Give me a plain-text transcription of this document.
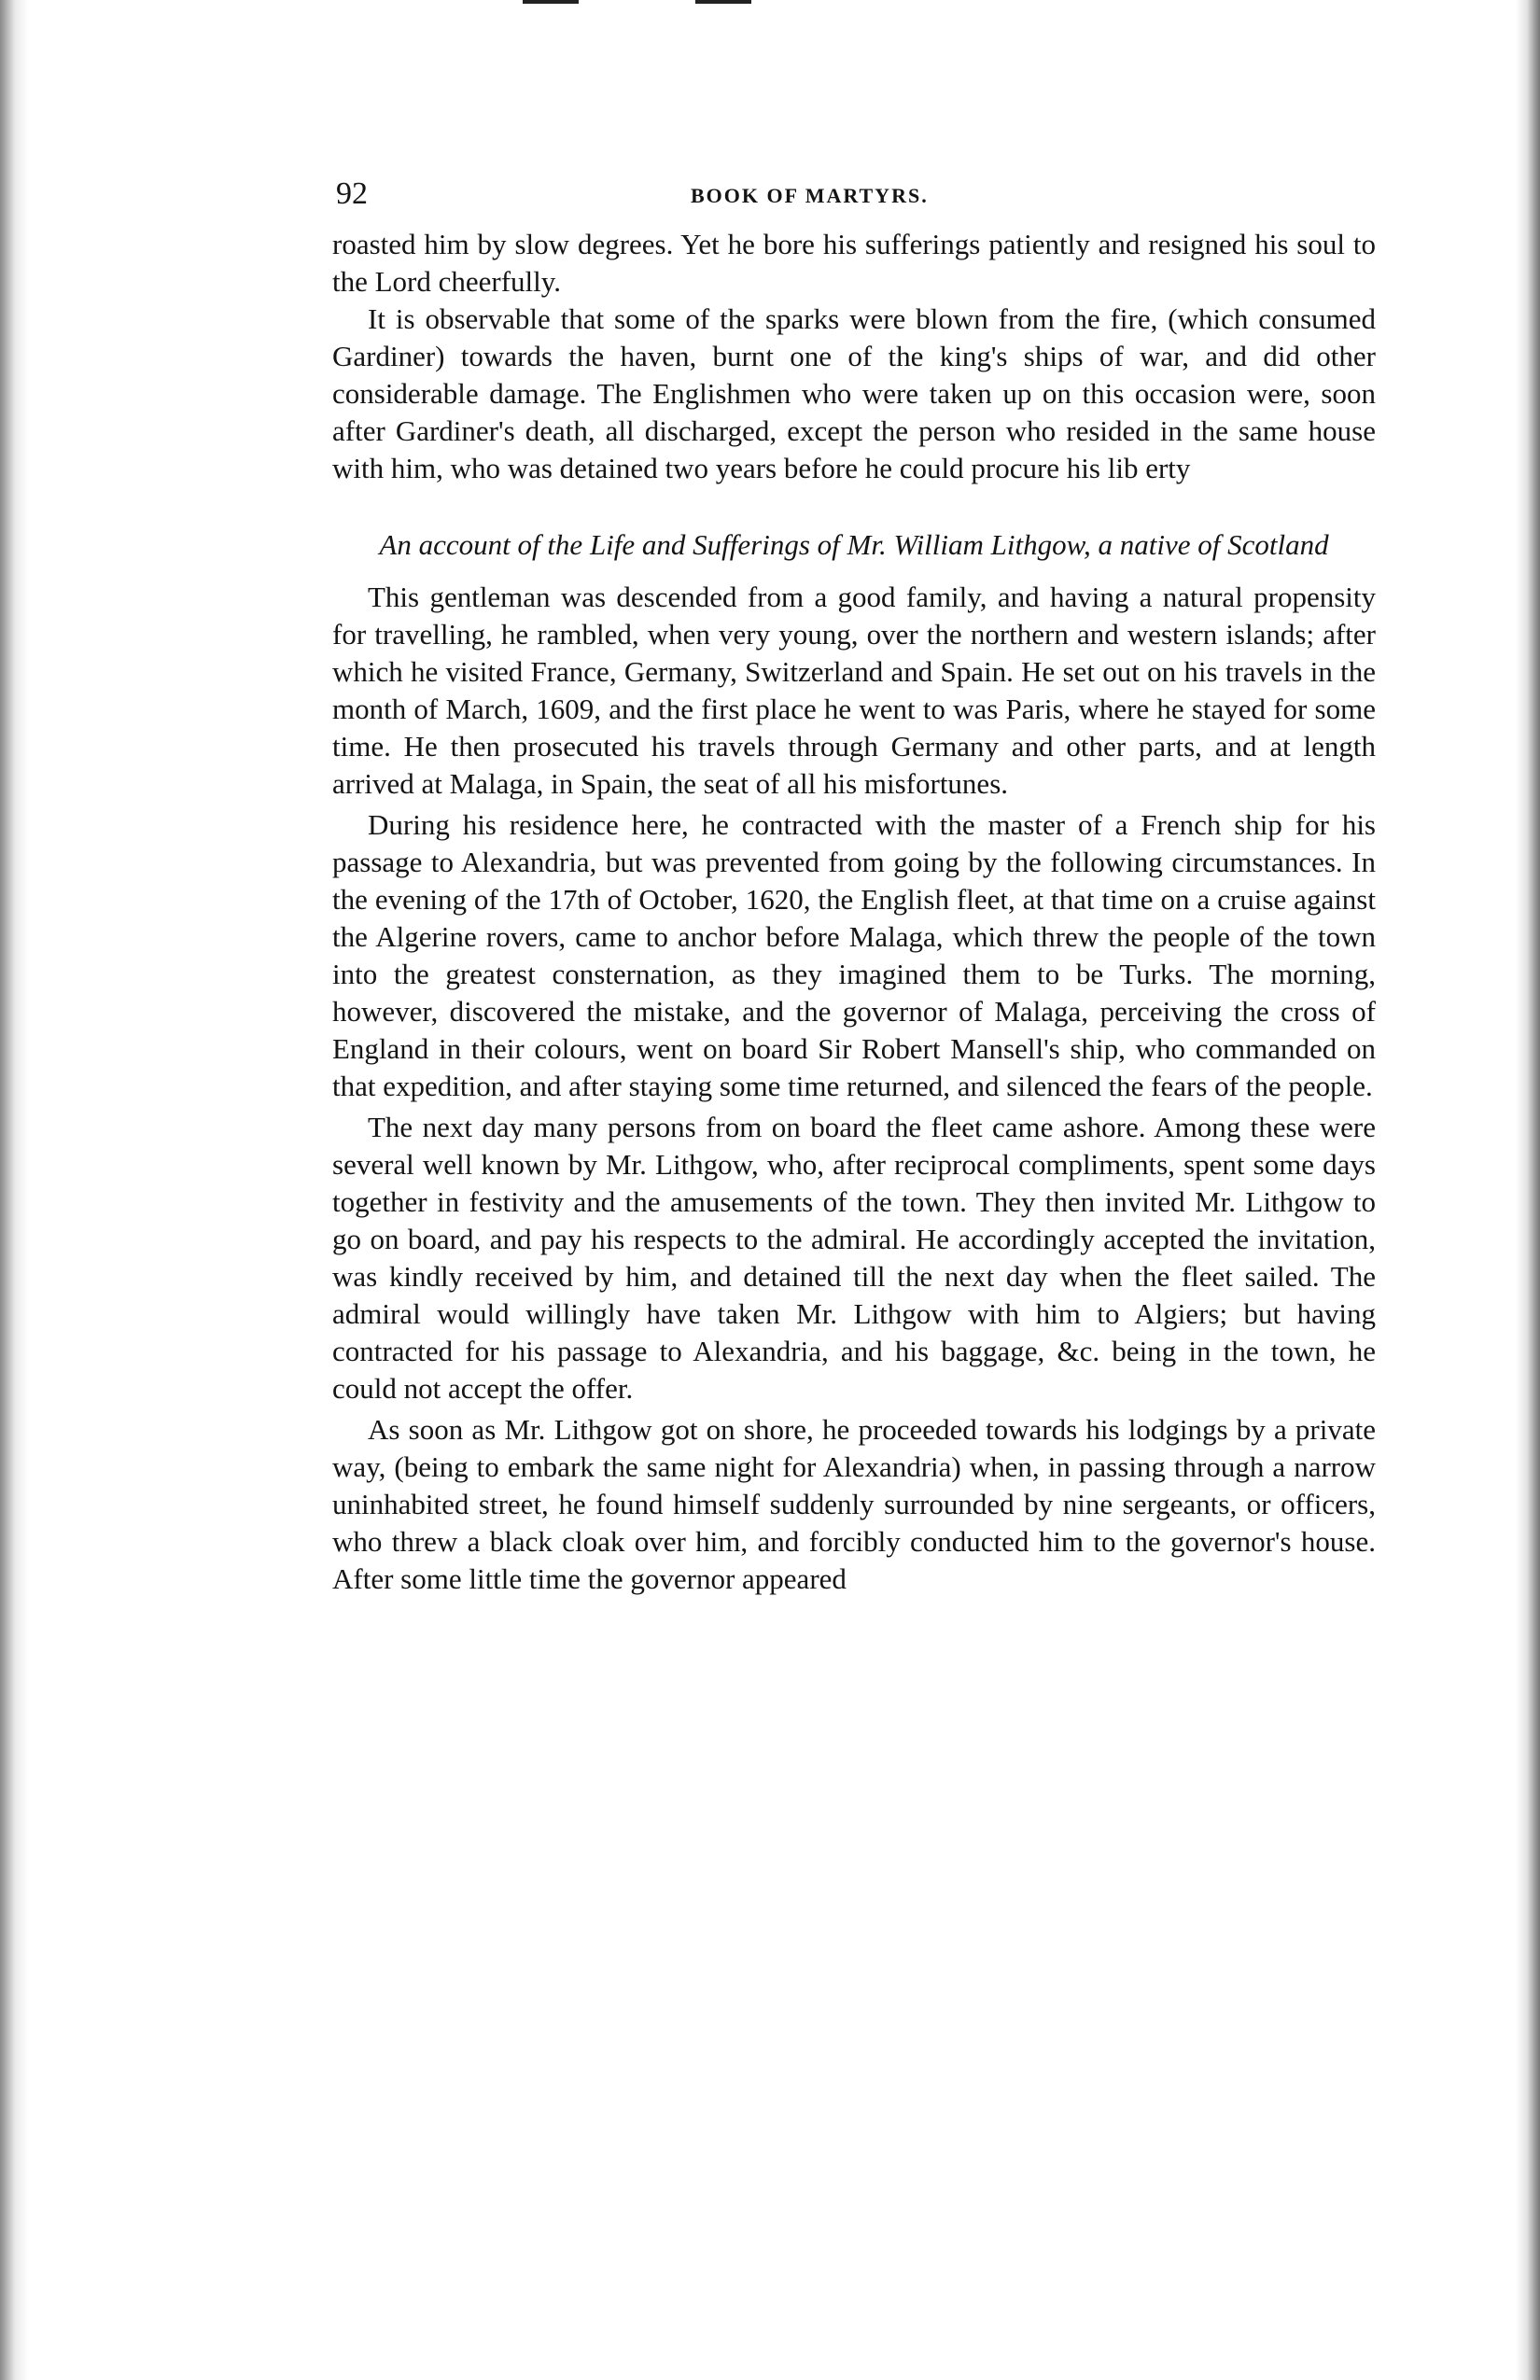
92	BOOK OF MARTYRS.

roasted him by slow degrees. Yet he bore his sufferings patiently and resigned his soul to the Lord cheerfully.

It is observable that some of the sparks were blown from the fire, (which consumed Gardiner) towards the haven, burnt one of the king's ships of war, and did other considerable damage. The Englishmen who were taken up on this occasion were, soon after Gardiner's death, all discharged, except the person who resided in the same house with him, who was detained two years before he could procure his lib erty

An account of the Life and Sufferings of Mr. William Lithgow, a native of Scotland

This gentleman was descended from a good family, and having a natural propensity for travelling, he rambled, when very young, over the northern and western islands; after which he visited France, Germany, Switzerland and Spain. He set out on his travels in the month of March, 1609, and the first place he went to was Paris, where he stayed for some time. He then prosecuted his travels through Germany and other parts, and at length arrived at Malaga, in Spain, the seat of all his misfortunes.

During his residence here, he contracted with the master of a French ship for his passage to Alexandria, but was prevented from going by the following circumstances. In the evening of the 17th of October, 1620, the English fleet, at that time on a cruise against the Algerine rovers, came to anchor before Malaga, which threw the people of the town into the greatest consternation, as they imagined them to be Turks. The morning, however, discovered the mistake, and the governor of Malaga, perceiving the cross of England in their colours, went on board Sir Robert Mansell's ship, who commanded on that expedition, and after staying some time returned, and silenced the fears of the people.

The next day many persons from on board the fleet came ashore. Among these were several well known by Mr. Lithgow, who, after reciprocal compliments, spent some days together in festivity and the amusements of the town. They then invited Mr. Lithgow to go on board, and pay his respects to the admiral. He accordingly accepted the invitation, was kindly received by him, and detained till the next day when the fleet sailed. The admiral would willingly have taken Mr. Lithgow with him to Algiers; but having contracted for his passage to Alexandria, and his baggage, &c. being in the town, he could not accept the offer.

As soon as Mr. Lithgow got on shore, he proceeded towards his lodgings by a private way, (being to embark the same night for Alexandria) when, in passing through a narrow uninhabited street, he found himself suddenly surrounded by nine sergeants, or officers, who threw a black cloak over him, and forcibly conducted him to the governor's house. After some little time the governor appeared
